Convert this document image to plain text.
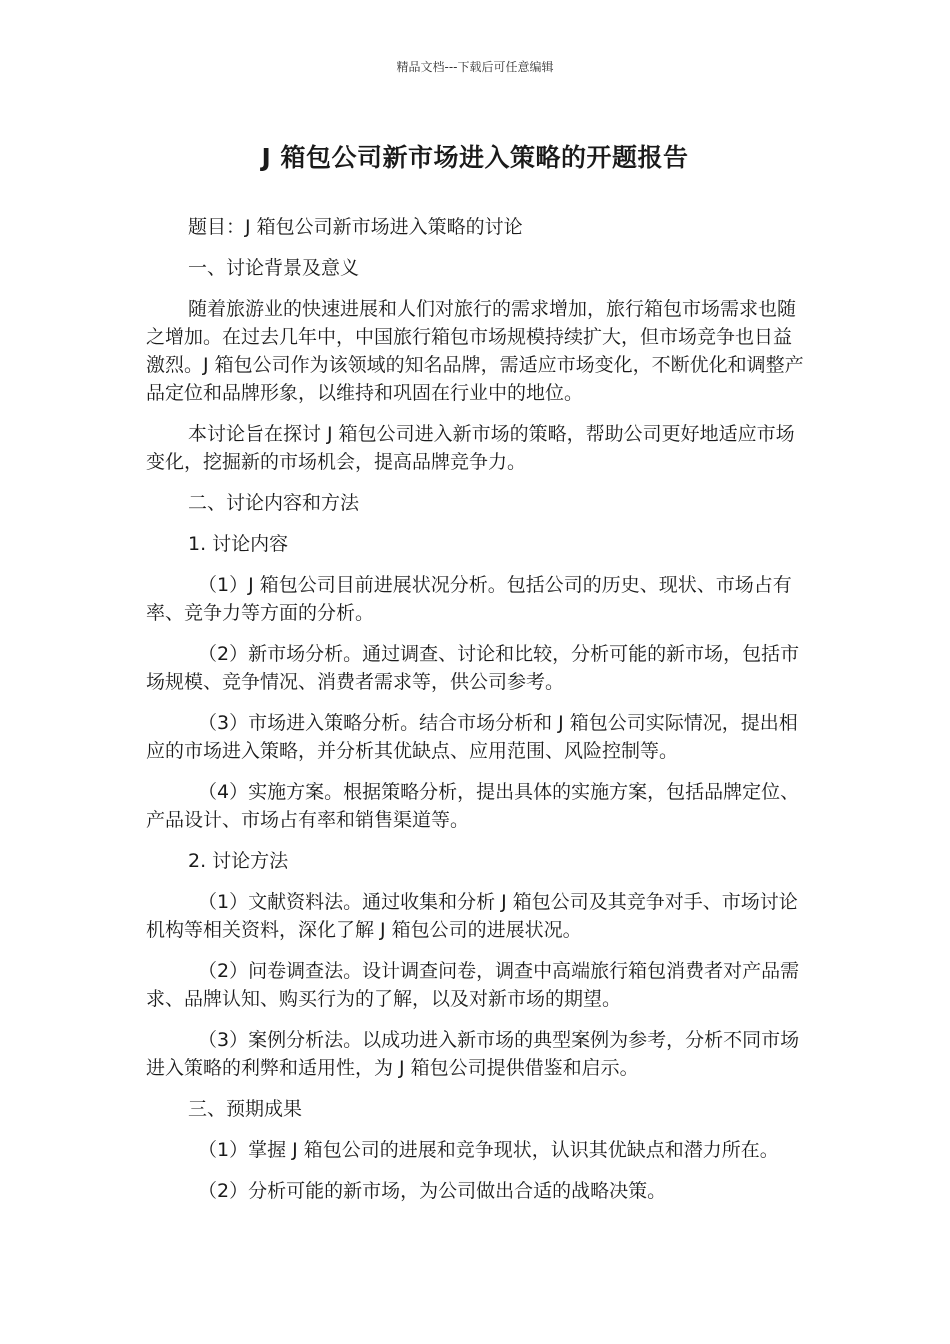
精品文档---下载后可任意编辑
J 箱包公司新市场进入策略的开题报告

题目：J 箱包公司新市场进入策略的讨论

一、讨论背景及意义

随着旅游业的快速进展和人们对旅行的需求增加，旅行箱包市场需求也随之增加。在过去几年中，中国旅行箱包市场规模持续扩大，但市场竞争也日益激烈。J 箱包公司作为该领域的知名品牌，需适应市场变化，不断优化和调整产品定位和品牌形象，以维持和巩固在行业中的地位。

本讨论旨在探讨 J 箱包公司进入新市场的策略，帮助公司更好地适应市场变化，挖掘新的市场机会，提高品牌竞争力。

二、讨论内容和方法

1. 讨论内容

（1）J 箱包公司目前进展状况分析。包括公司的历史、现状、市场占有率、竞争力等方面的分析。

（2）新市场分析。通过调查、讨论和比较，分析可能的新市场，包括市场规模、竞争情况、消费者需求等，供公司参考。

（3）市场进入策略分析。结合市场分析和 J 箱包公司实际情况，提出相应的市场进入策略，并分析其优缺点、应用范围、风险控制等。

（4）实施方案。根据策略分析，提出具体的实施方案，包括品牌定位、产品设计、市场占有率和销售渠道等。

2. 讨论方法

（1）文献资料法。通过收集和分析 J 箱包公司及其竞争对手、市场讨论机构等相关资料，深化了解 J 箱包公司的进展状况。

（2）问卷调查法。设计调查问卷，调查中高端旅行箱包消费者对产品需求、品牌认知、购买行为的了解，以及对新市场的期望。

（3）案例分析法。以成功进入新市场的典型案例为参考，分析不同市场进入策略的利弊和适用性，为 J 箱包公司提供借鉴和启示。

三、预期成果

（1）掌握 J 箱包公司的进展和竞争现状，认识其优缺点和潜力所在。

（2）分析可能的新市场，为公司做出合适的战略决策。
